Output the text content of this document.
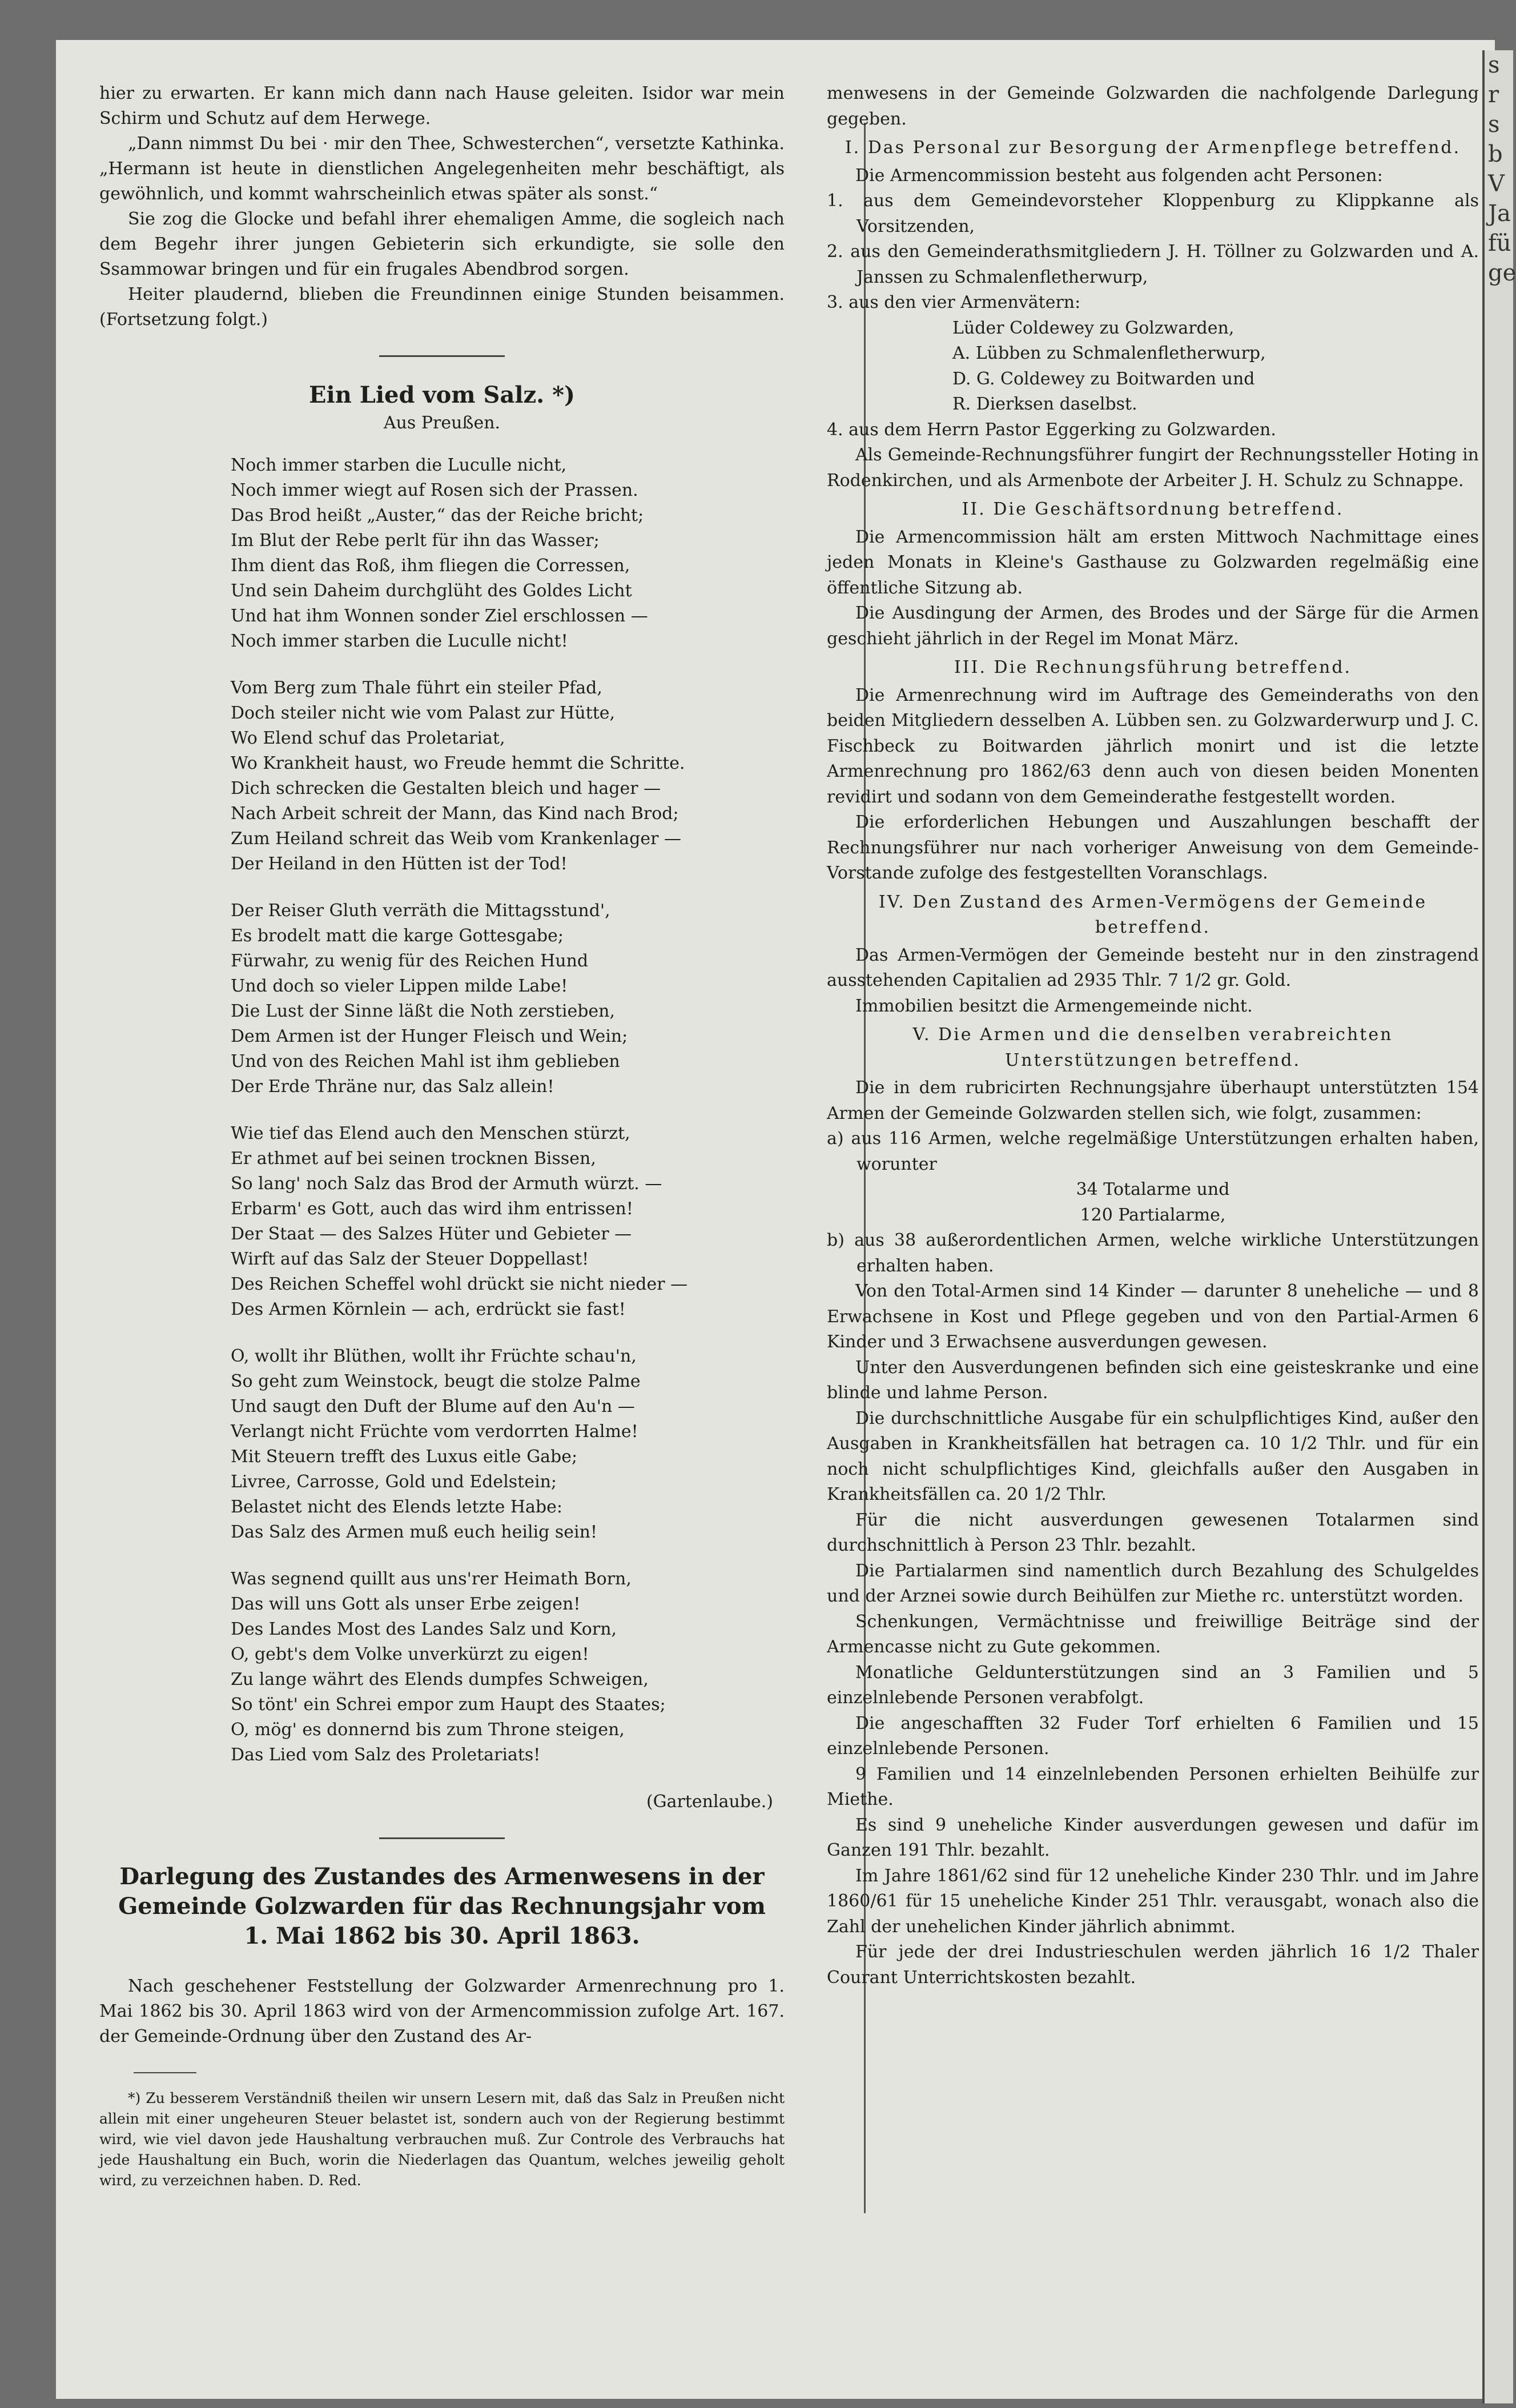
s
r
s
b
V
Ja
fü
ge

hier zu erwarten. Er kann mich dann nach Hause geleiten. Isidor war mein Schirm und Schutz auf dem Herwege.

„Dann nimmst Du bei · mir den Thee, Schwesterchen“, versetzte Kathinka. „Hermann ist heute in dienstlichen Angelegenheiten mehr beschäftigt, als gewöhnlich, und kommt wahrscheinlich etwas später als sonst.“

Sie zog die Glocke und befahl ihrer ehemaligen Amme, die sogleich nach dem Begehr ihrer jungen Gebieterin sich erkundigte, sie solle den Ssammowar bringen und für ein frugales Abendbrod sorgen.

Heiter plaudernd, blieben die Freundinnen einige Stunden beisammen. (Fortsetzung folgt.)

Ein Lied vom Salz. *)
Aus Preußen.
Noch immer starben die Lucullе nicht,
Noch immer wiegt auf Rosen sich der Prassen.
Das Brod heißt „Auster,“ das der Reiche bricht;
Im Blut der Rebe perlt für ihn das Wasser;
Ihm dient das Roß, ihm fliegen die Corressen,
Und sein Daheim durchglüht des Goldes Licht
Und hat ihm Wonnen sonder Ziel erschlossen —
Noch immer starben die Lucullе nicht!
Vom Berg zum Thale führt ein steiler Pfad,
Doch steiler nicht wie vom Palast zur Hütte,
Wo Elend schuf das Proletariat,
Wo Krankheit haust, wo Freude hemmt die Schritte.
Dich schrecken die Gestalten bleich und hager —
Nach Arbeit schreit der Mann, das Kind nach Brod;
Zum Heiland schreit das Weib vom Krankenlager —
Der Heiland in den Hütten ist der Tod!
Der Reiser Gluth verräth die Mittagsstund',
Es brodelt matt die karge Gottesgabe;
Fürwahr, zu wenig für des Reichen Hund
Und doch so vieler Lippen milde Labe!
Die Lust der Sinne läßt die Noth zerstieben,
Dem Armen ist der Hunger Fleisch und Wein;
Und von des Reichen Mahl ist ihm geblieben
Der Erde Thräne nur, das Salz allein!
Wie tief das Elend auch den Menschen stürzt,
Er athmet auf bei seinen trocknen Bissen,
So lang' noch Salz das Brod der Armuth würzt. —
Erbarm' es Gott, auch das wird ihm entrissen!
Der Staat — des Salzes Hüter und Gebieter —
Wirft auf das Salz der Steuer Doppellast!
Des Reichen Scheffel wohl drückt sie nicht nieder —
Des Armen Körnlein — ach, erdrückt sie fast!
O, wollt ihr Blüthen, wollt ihr Früchte schau'n,
So geht zum Weinstock, beugt die stolze Palme
Und saugt den Duft der Blume auf den Au'n —
Verlangt nicht Früchte vom verdorrten Halme!
Mit Steuern trefft des Luxus eitle Gabe;
Livree, Carrosse, Gold und Edelstein;
Belastet nicht des Elends letzte Habe:
Das Salz des Armen muß euch heilig sein!
Was segnend quillt aus uns'rer Heimath Born,
Das will uns Gott als unser Erbe zeigen!
Des Landes Most des Landes Salz und Korn,
O, gebt's dem Volke unverkürzt zu eigen!
Zu lange währt des Elends dumpfes Schweigen,
So tönt' ein Schrei empor zum Haupt des Staates;
O, mög' es donnernd bis zum Throne steigen,
Das Lied vom Salz des Proletariats!
(Gartenlaube.)
Darlegung des Zustandes des Armenwesens in der
Gemeinde Golzwarden für das Rechnungsjahr vom
1. Mai 1862 bis 30. April 1863.

Nach geschehener Feststellung der Golzwarder Armenrechnung pro 1. Mai 1862 bis 30. April 1863 wird von der Armencommission zufolge Art. 167. der Gemeinde-Ordnung über den Zustand des Ar-

*) Zu besserem Verständniß theilen wir unsern Lesern mit, daß das Salz in Preußen nicht allein mit einer ungeheuren Steuer belastet ist, sondern auch von der Regierung bestimmt wird, wie viel davon jede Haushaltung verbrauchen muß. Zur Controle des Verbrauchs hat jede Haushaltung ein Buch, worin die Niederlagen das Quantum, welches jeweilig geholt wird, zu verzeichnen haben. D. Red.

menwesens in der Gemeinde Golzwarden die nachfolgende Darlegung gegeben.

I. Das Personal zur Besorgung der Armenpflege betreffend.

Die Armencommission besteht aus folgenden acht Personen:

1. aus dem Gemeindevorsteher Kloppenburg zu Klippkanne als Vorsitzenden,

2. aus den Gemeinderathsmitgliedern J. H. Töllner zu Golzwarden und A. Janssen zu Schmalenfletherwurp,

3. aus den vier Armenvätern:

Lüder Coldewey zu Golzwarden,
A. Lübben zu Schmalenfletherwurp,
D. G. Coldewey zu Boitwarden und
R. Dierksen daselbst.

4. aus dem Herrn Pastor Eggerking zu Golzwarden.

Als Gemeinde-Rechnungsführer fungirt der Rechnungssteller Hoting in Rodenkirchen, und als Armenbote der Arbeiter J. H. Schulz zu Schnappe.

II. Die Geschäftsordnung betreffend.

Die Armencommission hält am ersten Mittwoch Nachmittage eines jeden Monats in Kleine's Gasthause zu Golzwarden regelmäßig eine öffentliche Sitzung ab.

Die Ausdingung der Armen, des Brodes und der Särge für die Armen geschieht jährlich in der Regel im Monat März.

III. Die Rechnungsführung betreffend.

Die Armenrechnung wird im Auftrage des Gemeinderaths von den beiden Mitgliedern desselben A. Lübben sen. zu Golzwarderwurp und J. C. Fischbeck zu Boitwarden jährlich monirt und ist die letzte Armenrechnung pro 1862/63 denn auch von diesen beiden Monenten revidirt und sodann von dem Gemeinderathe festgestellt worden.

Die erforderlichen Hebungen und Auszahlungen beschafft der Rechnungsführer nur nach vorheriger Anweisung von dem Gemeinde-Vorstande zufolge des festgestellten Voranschlags.

IV. Den Zustand des Armen-Vermögens der Gemeinde betreffend.

Das Armen-Vermögen der Gemeinde besteht nur in den zinstragend ausstehenden Capitalien ad 2935 Thlr. 7 1/2 gr. Gold.

Immobilien besitzt die Armengemeinde nicht.

V. Die Armen und die denselben verabreichten Unterstützungen betreffend.

Die in dem rubricirten Rechnungsjahre überhaupt unterstützten 154 Armen der Gemeinde Golzwarden stellen sich, wie folgt, zusammen:

a) aus 116 Armen, welche regelmäßige Unterstützungen erhalten haben, worunter

34 Totalarme und
120 Partialarme,

b) aus 38 außerordentlichen Armen, welche wirkliche Unterstützungen erhalten haben.

Von den Total-Armen sind 14 Kinder — darunter 8 uneheliche — und 8 Erwachsene in Kost und Pflege gegeben und von den Partial-Armen 6 Kinder und 3 Erwachsene ausverdungen gewesen.

Unter den Ausverdungenen befinden sich eine geisteskranke und eine blinde und lahme Person.

Die durchschnittliche Ausgabe für ein schulpflichtiges Kind, außer den Ausgaben in Krankheitsfällen hat betragen ca. 10 1/2 Thlr. und für ein noch nicht schulpflichtiges Kind, gleichfalls außer den Ausgaben in Krankheitsfällen ca. 20 1/2 Thlr.

Für die nicht ausverdungen gewesenen Totalarmen sind durchschnittlich à Person 23 Thlr. bezahlt.

Die Partialarmen sind namentlich durch Bezahlung des Schulgeldes und der Arznei sowie durch Beihülfen zur Miethe rc. unterstützt worden.

Schenkungen, Vermächtnisse und freiwillige Beiträge sind der Armencasse nicht zu Gute gekommen.

Monatliche Geldunterstützungen sind an 3 Familien und 5 einzelnlebende Personen verabfolgt.

Die angeschafften 32 Fuder Torf erhielten 6 Familien und 15 einzelnlebende Personen.

9 Familien und 14 einzelnlebenden Personen erhielten Beihülfe zur Miethe.

Es sind 9 uneheliche Kinder ausverdungen gewesen und dafür im Ganzen 191 Thlr. bezahlt.

Im Jahre 1861/62 sind für 12 uneheliche Kinder 230 Thlr. und im Jahre 1860/61 für 15 uneheliche Kinder 251 Thlr. verausgabt, wonach also die Zahl der unehelichen Kinder jährlich abnimmt.

Für jede der drei Industrieschulen werden jährlich 16 1/2 Thaler Courant Unterrichtskosten bezahlt.
